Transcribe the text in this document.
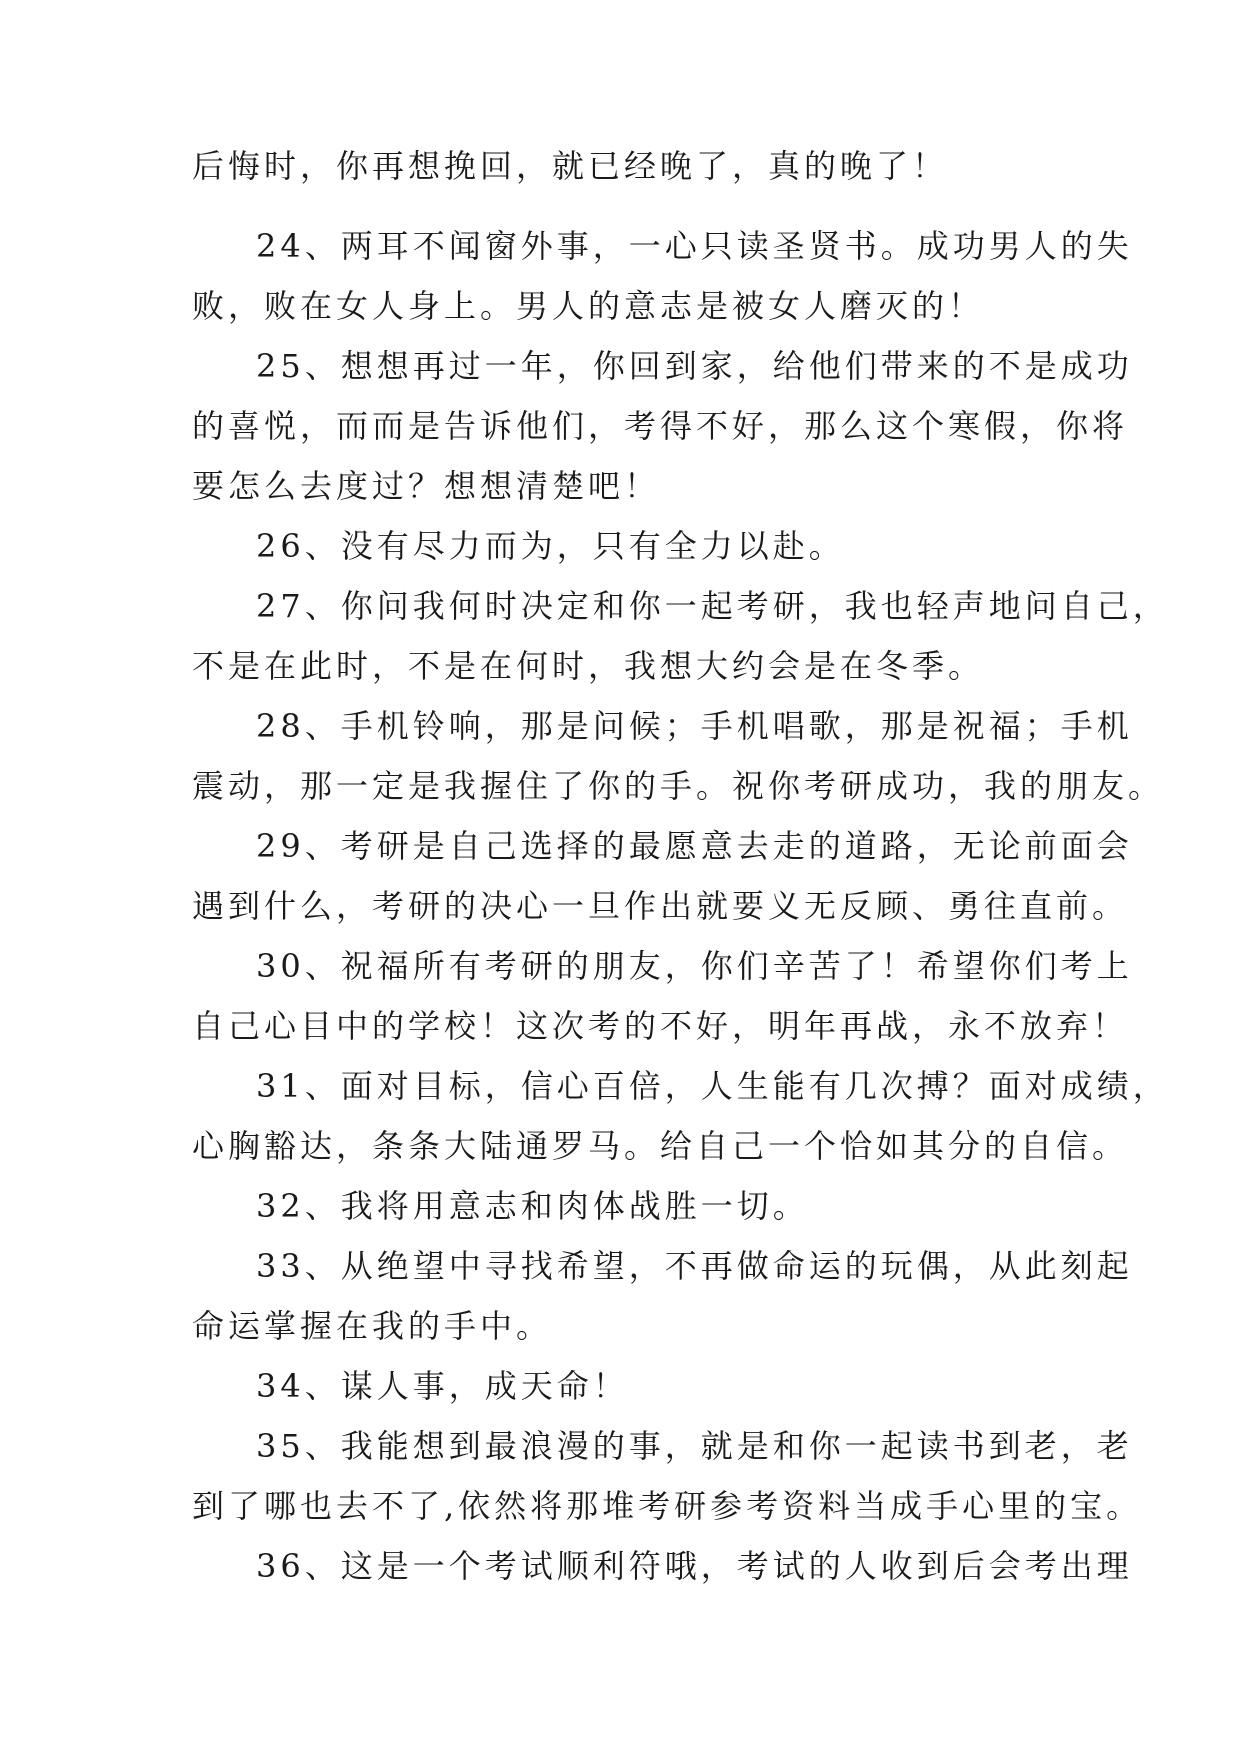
后悔时，你再想挽回，就已经晚了，真的晚了！
24、两耳不闻窗外事，一心只读圣贤书。成功男人的失
败，败在女人身上。男人的意志是被女人磨灭的！
25、想想再过一年，你回到家，给他们带来的不是成功
的喜悦，而而是告诉他们，考得不好，那么这个寒假，你将
要怎么去度过？想想清楚吧！
26、没有尽力而为，只有全力以赴。
27、你问我何时决定和你一起考研，我也轻声地问自己，
不是在此时，不是在何时，我想大约会是在冬季。
28、手机铃响，那是问候；手机唱歌，那是祝福；手机
震动，那一定是我握住了你的手。祝你考研成功，我的朋友。
29、考研是自己选择的最愿意去走的道路，无论前面会
遇到什么，考研的决心一旦作出就要义无反顾、勇往直前。
30、祝福所有考研的朋友，你们辛苦了！希望你们考上
自己心目中的学校！这次考的不好，明年再战，永不放弃！
31、面对目标，信心百倍，人生能有几次搏？面对成绩，
心胸豁达，条条大陆通罗马。给自己一个恰如其分的自信。
32、我将用意志和肉体战胜一切。
33、从绝望中寻找希望，不再做命运的玩偶，从此刻起
命运掌握在我的手中。
34、谋人事，成天命！
35、我能想到最浪漫的事，就是和你一起读书到老，老
到了哪也去不了,依然将那堆考研参考资料当成手心里的宝。
36、这是一个考试顺利符哦，考试的人收到后会考出理
